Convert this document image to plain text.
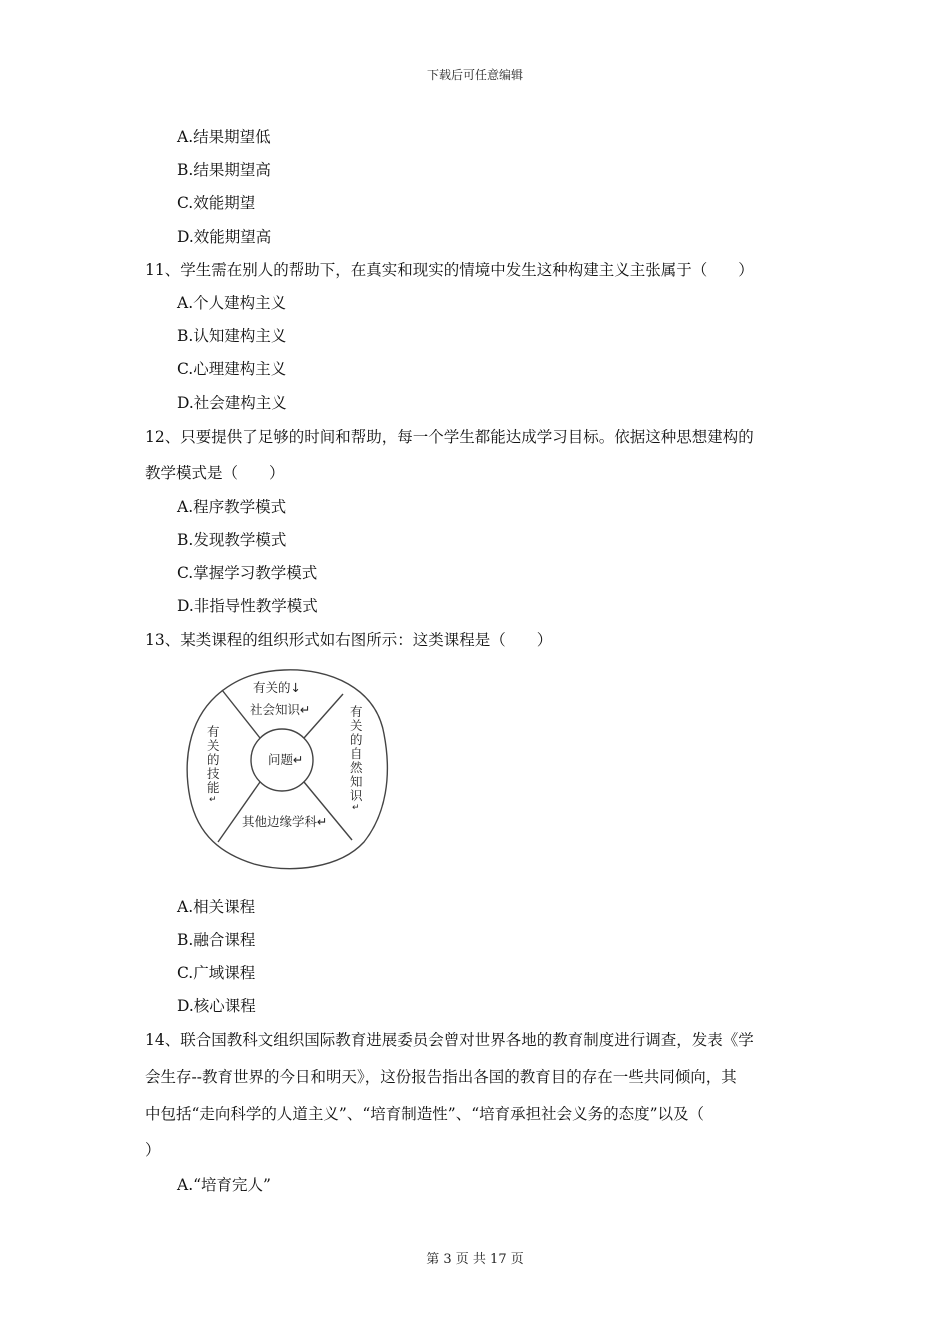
下载后可任意编辑
A.结果期望低
B.结果期望高
C.效能期望
D.效能期望高
11、学生需在别人的帮助下，在真实和现实的情境中发生这种构建主义主张属于（　　）
A.个人建构主义
B.认知建构主义
C.心理建构主义
D.社会建构主义
12、只要提供了足够的时间和帮助，每一个学生都能达成学习目标。依据这种思想建构的
教学模式是（　　）
A.程序教学模式
B.发现教学模式
C.掌握学习教学模式
D.非指导性教学模式
13、某类课程的组织形式如右图所示：这类课程是（　　）
有关的↓
社会知识↵	有
关
的
自
然
知
识
↵
有
关
的
技
能
↵
其他边缘学科↵
问题↵
A.相关课程
B.融合课程
C.广域课程
D.核心课程
14、联合国教科文组织国际教育进展委员会曾对世界各地的教育制度进行调查，发表《学
会生存--教育世界的今日和明天》，这份报告指出各国的教育目的存在一些共同倾向，其
中包括“走向科学的人道主义”、“培育制造性”、“培育承担社会义务的态度”以及（
）
A.“培育完人”
第 3 页 共 17 页
